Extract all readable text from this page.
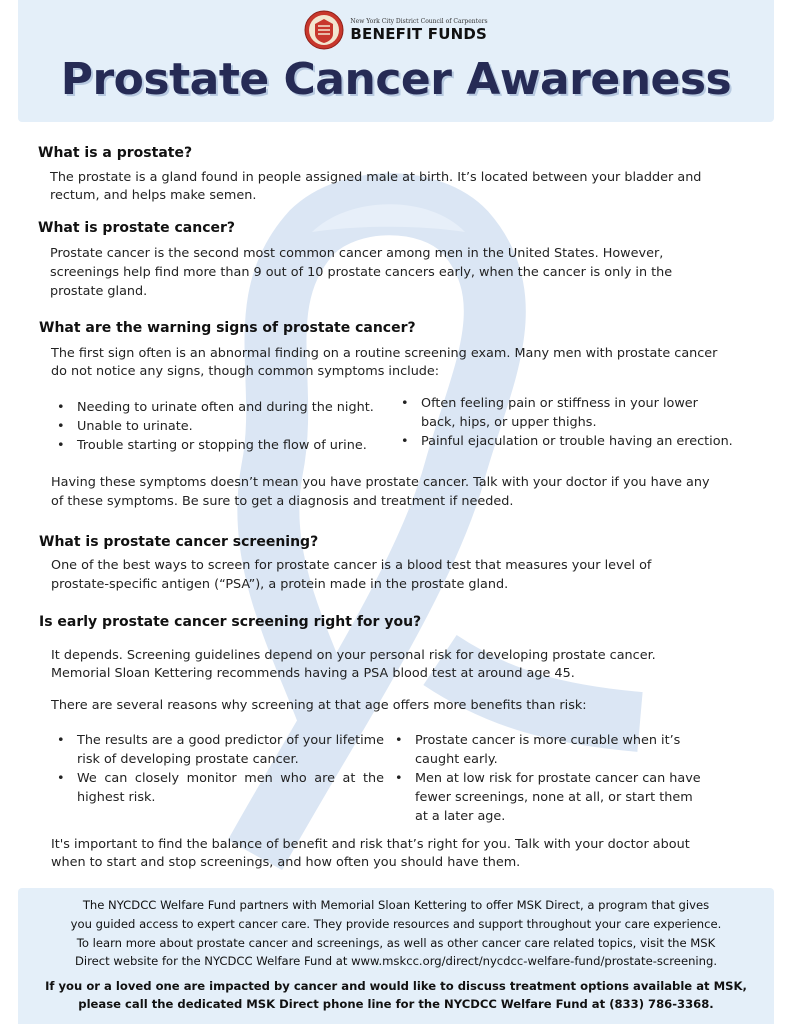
New York City District Council of Carpenters
BENEFIT FUNDS
Prostate Cancer Awareness
What is a prostate?
The prostate is a gland found in people assigned male at birth. It’s located between your bladder and
rectum, and helps make semen.
What is prostate cancer?
Prostate cancer is the second most common cancer among men in the United States. However,
screenings help find more than 9 out of 10 prostate cancers early, when the cancer is only in the
prostate gland.
What are the warning signs of prostate cancer?
The first sign often is an abnormal finding on a routine screening exam. Many men with prostate cancer
do not notice any signs, though common symptoms include:
• Needing to urinate often and during the night.
• Unable to urinate.
• Trouble starting or stopping the flow of urine.
• Often feeling pain or stiffness in your lower back, hips, or upper thighs.
• Painful ejaculation or trouble having an erection.
Having these symptoms doesn’t mean you have prostate cancer. Talk with your doctor if you have any
of these symptoms. Be sure to get a diagnosis and treatment if needed.
What is prostate cancer screening?
One of the best ways to screen for prostate cancer is a blood test that measures your level of
prostate-specific antigen (“PSA”), a protein made in the prostate gland.
Is early prostate cancer screening right for you?
It depends. Screening guidelines depend on your personal risk for developing prostate cancer.
Memorial Sloan Kettering recommends having a PSA blood test at around age 45.
There are several reasons why screening at that age offers more benefits than risk:
• The results are a good predictor of your lifetime risk of developing prostate cancer.
• We can closely monitor men who are at the highest risk.
• Prostate cancer is more curable when it’s caught early.
• Men at low risk for prostate cancer can have fewer screenings, none at all, or start them at a later age.
It's important to find the balance of benefit and risk that’s right for you. Talk with your doctor about
when to start and stop screenings, and how often you should have them.
The NYCDCC Welfare Fund partners with Memorial Sloan Kettering to offer MSK Direct, a program that gives
you guided access to expert cancer care. They provide resources and support throughout your care experience.
To learn more about prostate cancer and screenings, as well as other cancer care related topics, visit the MSK
Direct website for the NYCDCC Welfare Fund at www.mskcc.org/direct/nycdcc-welfare-fund/prostate-screening.
If you or a loved one are impacted by cancer and would like to discuss treatment options available at MSK,
please call the dedicated MSK Direct phone line for the NYCDCC Welfare Fund at (833) 786-3368.
